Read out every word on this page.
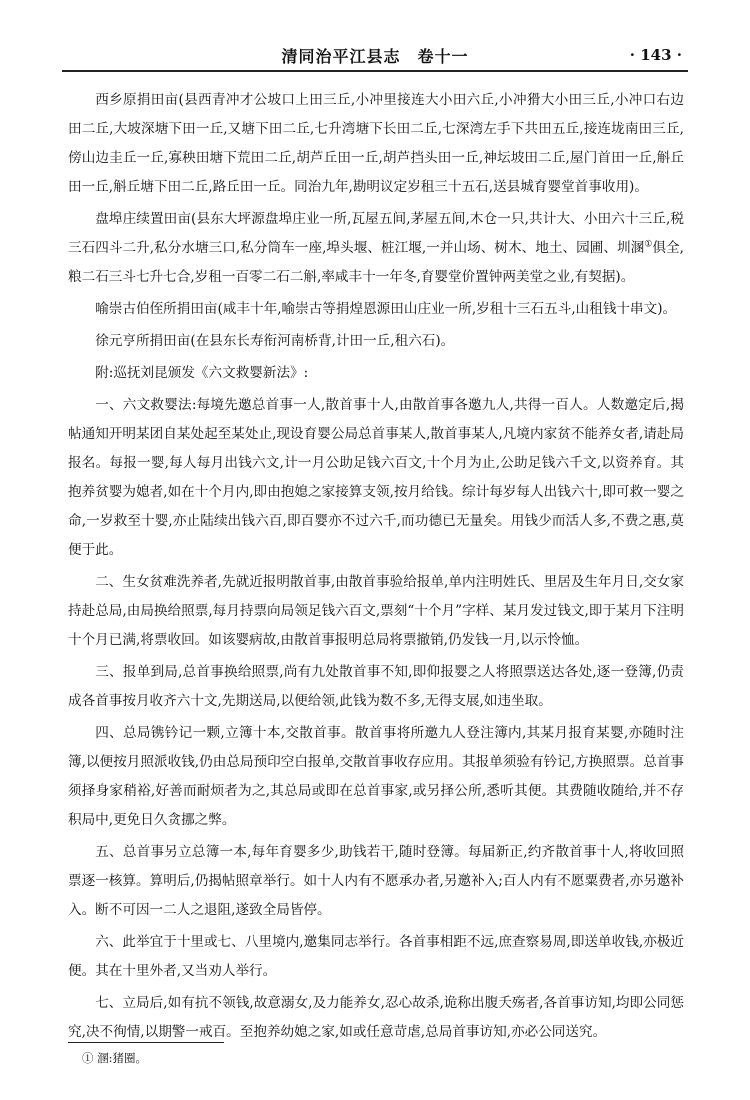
清同治平江县志　卷十一	· 143 ·

西乡原捐田亩(县西青冲才公坡口上田三丘,小冲里接连大小田六丘,小冲猾大小田三丘,小冲口右边田二丘,大坡深塘下田一丘,又塘下田二丘,七升湾塘下长田二丘,七深湾左手下共田五丘,接连垅南田三丘,傍山边圭丘一丘,寡秧田塘下荒田二丘,胡芦丘田一丘,胡芦挡头田一丘,神坛坡田二丘,屋门首田一丘,斛丘田一丘,斛丘塘下田二丘,路丘田一丘。同治九年,勘明议定岁租三十五石,送县城育婴堂首事收用)。

盘埠庄续置田亩(县东大坪源盘埠庄业一所,瓦屋五间,茅屋五间,木仓一只,共计大、小田六十三丘,税三石四斗二升,私分水塘三口,私分筒车一座,埠头堰、桩江堰,一并山场、树木、地土、园圃、圳溷①俱全,粮二石三斗七升七合,岁租一百零二石二斛,率咸丰十一年冬,育婴堂价置钟两美堂之业,有契据)。

喻崇古伯侄所捐田亩(咸丰十年,喻崇古等捐煌恩源田山庄业一所,岁租十三石五斗,山租钱十串文)。

徐元亨所捐田亩(在县东长寿衔河南桥背,计田一丘,租六石)。

附:巡抚刘昆颁发《六文救婴新法》:

一、六文救婴法:每境先邀总首事一人,散首事十人,由散首事各邀九人,共得一百人。人数邀定后,揭帖通知开明某团自某处起至某处止,现设育婴公局总首事某人,散首事某人,凡境内家贫不能养女者,请赴局报名。每报一婴,每人每月出钱六文,计一月公助足钱六百文,十个月为止,公助足钱六千文,以资养育。其抱养贫婴为媳者,如在十个月内,即由抱媳之家接算支领,按月给钱。综计每岁每人出钱六十,即可救一婴之命,一岁救至十婴,亦止陆续出钱六百,即百婴亦不过六千,而功德已无量矣。用钱少而活人多,不费之惠,莫便于此。

二、生女贫难洗养者,先就近报明散首事,由散首事验给报单,单内注明姓氏、里居及生年月日,交女家持赴总局,由局换给照票,每月持票向局领足钱六百文,票刻“十个月”字样、某月发过钱文,即于某月下注明十个月已满,将票收回。如该婴病故,由散首事报明总局将票撤销,仍发钱一月,以示怜恤。

三、报单到局,总首事换给照票,尚有九处散首事不知,即仰报婴之人将照票送达各处,逐一登簿,仍责成各首事按月收齐六十文,先期送局,以便给领,此钱为数不多,无得支展,如违坐取。

四、总局镌钤记一颗,立簿十本,交散首事。散首事将所邀九人登注簿内,其某月报育某婴,亦随时注簿,以便按月照派收钱,仍由总局预印空白报单,交散首事收存应用。其报单须验有钤记,方换照票。总首事须择身家稍裕,好善而耐烦者为之,其总局或即在总首事家,或另择公所,悉听其便。其费随收随给,并不存积局中,更免日久贪挪之弊。

五、总首事另立总簿一本,每年育婴多少,助钱若干,随时登簿。每届新正,约齐散首事十人,将收回照票逐一核算。算明后,仍揭帖照章举行。如十人内有不愿承办者,另邀补入;百人内有不愿粟费者,亦另邀补入。断不可因一二人之退阻,遂致全局皆停。

六、此举宜于十里或七、八里境内,邀集同志举行。各首事相距不远,庶查察易周,即送单收钱,亦极近便。其在十里外者,又当劝人举行。

七、立局后,如有抗不领钱,故意溺女,及力能养女,忍心故杀,诡称出腹夭殇者,各首事访知,均即公同惩究,决不徇情,以期警一戒百。至抱养幼媳之家,如或任意苛虐,总局首事访知,亦必公同送究。

① 溷:猪圈。
